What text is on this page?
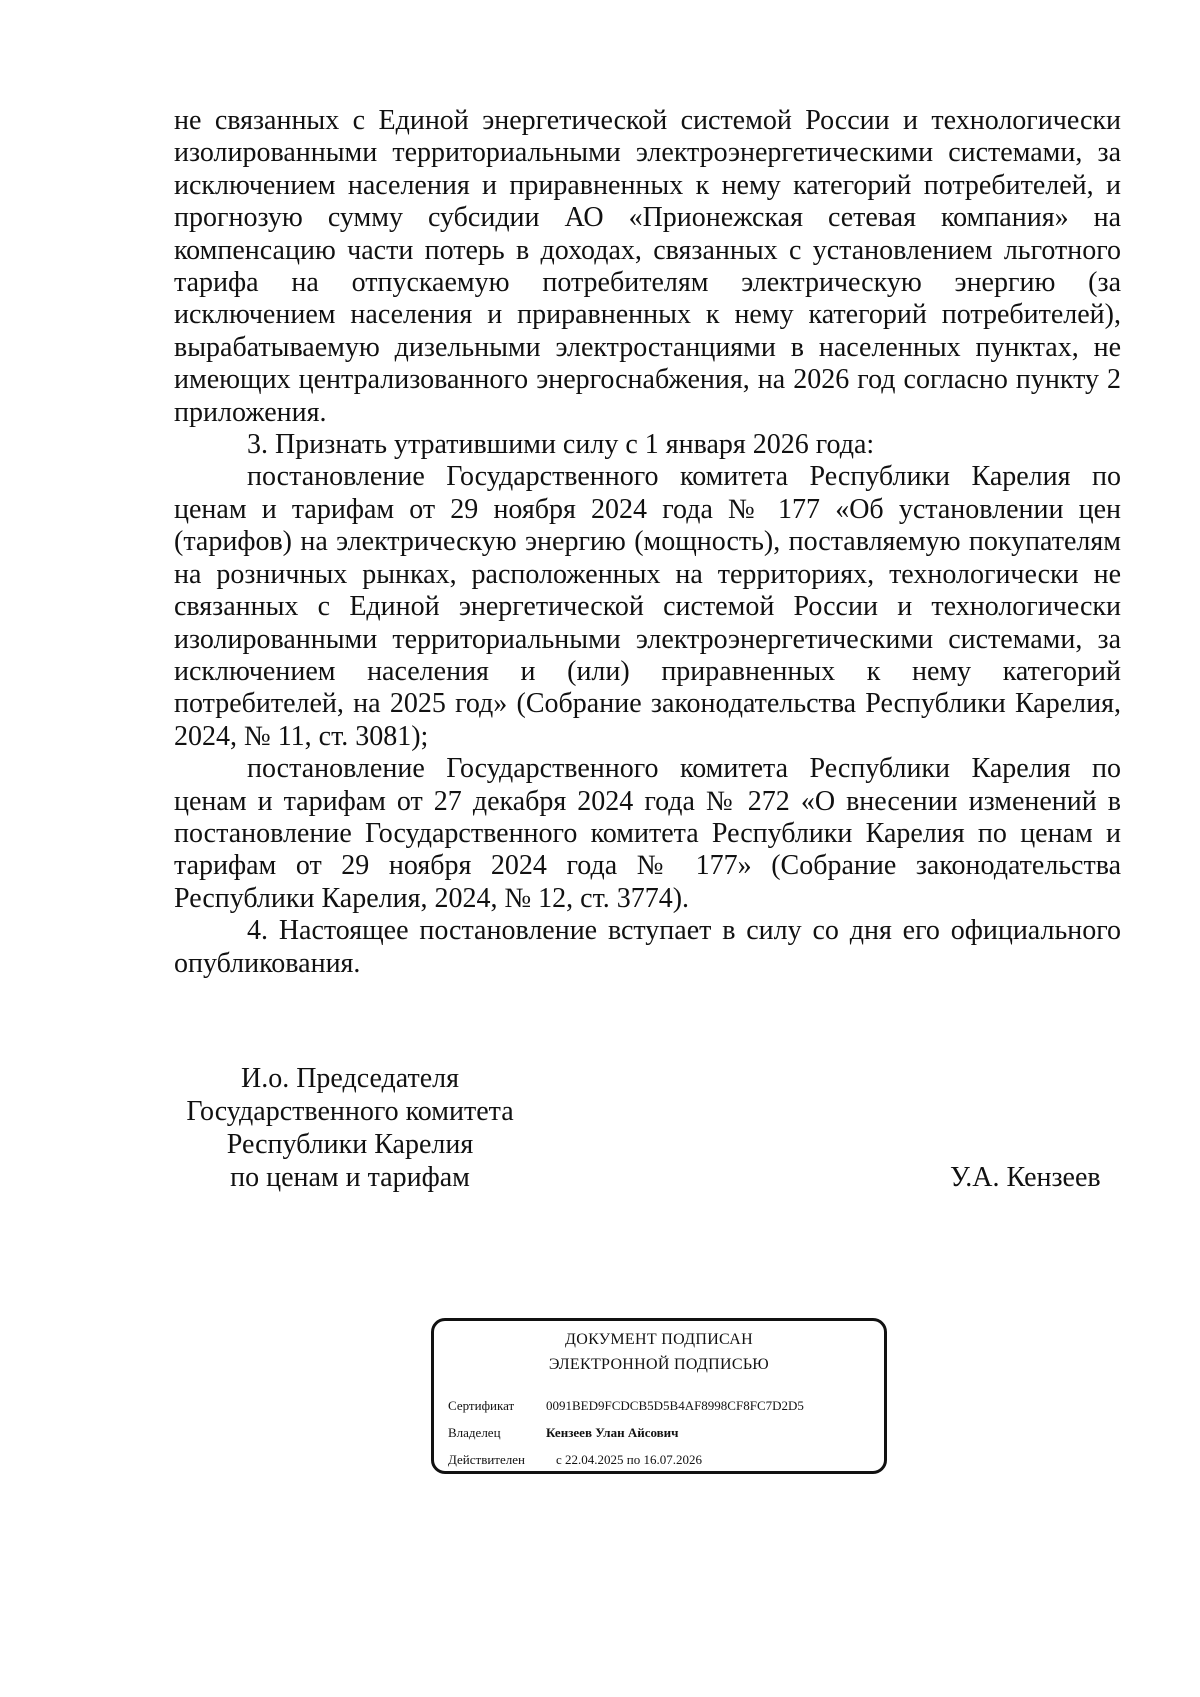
не связанных с Единой энергетической системой России и технологически изолированными территориальными электроэнергетическими системами, за исключением населения и приравненных к нему категорий потребителей, и прогнозую сумму субсидии АО «Прионежская сетевая компания» на компенсацию части потерь в доходах, связанных с установлением льготного тарифа на отпускаемую потребителям электрическую энергию (за исключением населения и приравненных к нему категорий потребителей), вырабатываемую дизельными электростанциями в населенных пунктах, не имеющих централизованного энергоснабжения, на 2026 год согласно пункту 2 приложения.

3. Признать утратившими силу с 1 января 2026 года:

постановление Государственного комитета Республики Карелия по ценам и тарифам от 29 ноября 2024 года № 177 «Об установлении цен (тарифов) на электрическую энергию (мощность), поставляемую покупателям на розничных рынках, расположенных на территориях, технологически не связанных с Единой энергетической системой России и технологически изолированными территориальными электроэнергетическими системами, за исключением населения и (или) приравненных к нему категорий потребителей, на 2025 год» (Собрание законодательства Республики Карелия, 2024, № 11, ст. 3081);

постановление Государственного комитета Республики Карелия по ценам и тарифам от 27 декабря 2024 года № 272 «О внесении изменений в постановление Государственного комитета Республики Карелия по ценам и тарифам от 29 ноября 2024 года № 177» (Собрание законодательства Республики Карелия, 2024, № 12, ст. 3774).

4. Настоящее постановление вступает в силу со дня его официального опубликования.

И.о. Председателя
Государственного комитета
Республики Карелия
по ценам и тарифам	У.А. Кензеев
ДОКУМЕНТ ПОДПИСАН
ЭЛЕКТРОННОЙ ПОДПИСЬЮ
Сертификат 0091BED9FCDCB5D5B4AF8998CF8FC7D2D5
Владелец	Кензеев Улан Айсович
Действителен с 22.04.2025 по 16.07.2026
